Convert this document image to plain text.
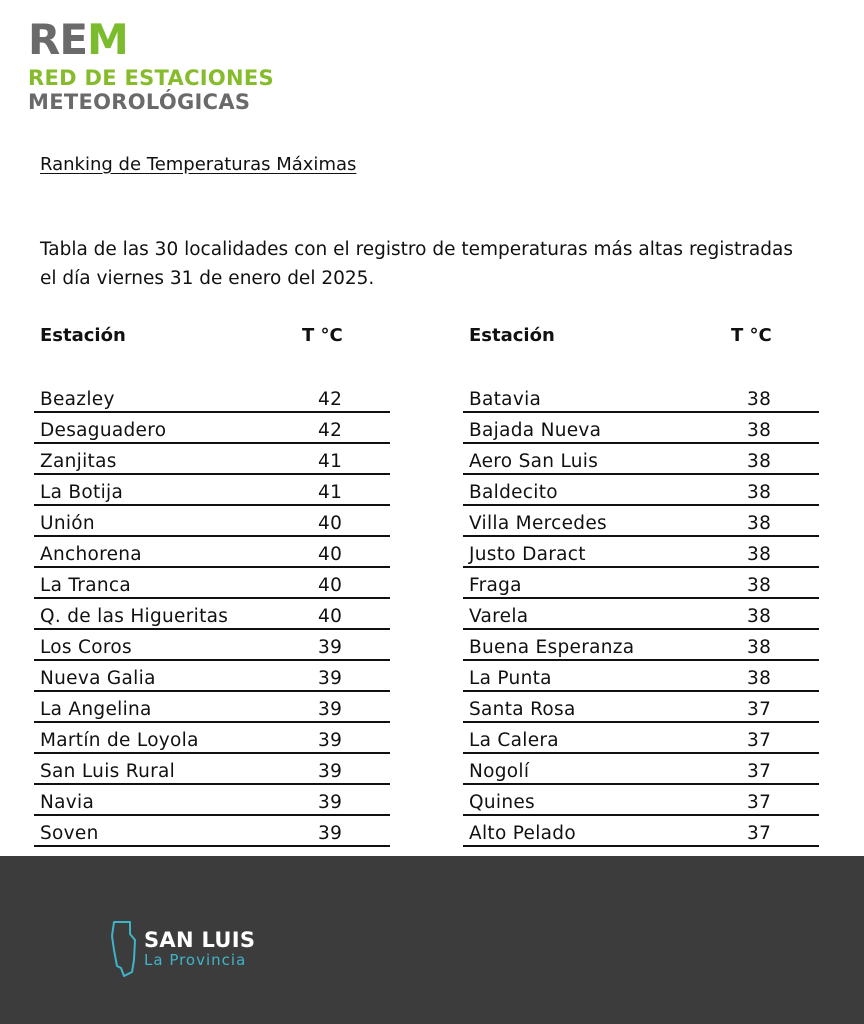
REM
RED DE ESTACIONES
METEOROLÓGICAS
Ranking de Temperaturas Máximas
Tabla de las 30 localidades con el registro de temperaturas más altas registradas
el día viernes 31 de enero del 2025.
Estación	T °C
Beazley	42
Desaguadero	42
Zanjitas	41
La Botija	41
Unión	40
Anchorena	40
La Tranca	40
Q. de las Higueritas	40
Los Coros	39
Nueva Galia	39
La Angelina	39
Martín de Loyola	39
San Luis Rural	39
Navia	39
Soven	39
Estación	T °C
Batavia	38
Bajada Nueva	38
Aero San Luis	38
Baldecito	38
Villa Mercedes	38
Justo Daract	38
Fraga	38
Varela	38
Buena Esperanza	38
La Punta	38
Santa Rosa	37
La Calera	37
Nogolí	37
Quines	37
Alto Pelado	37
SAN LUIS
La Provincia
